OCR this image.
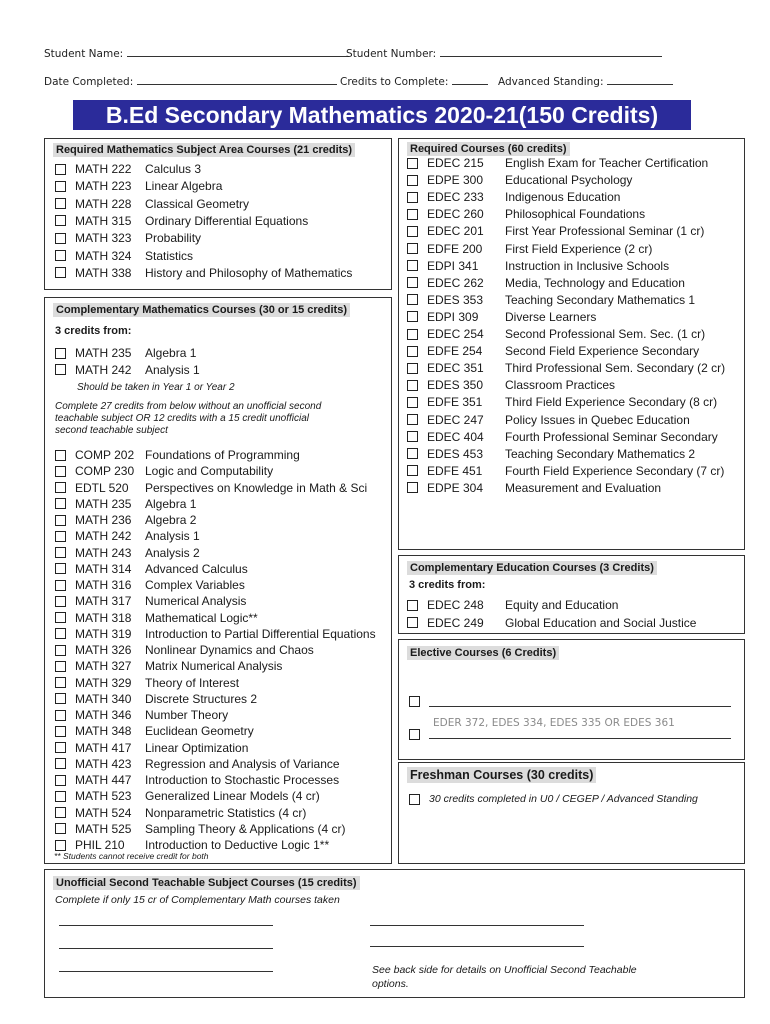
Student Name:	Student Number:
Date Completed:	Credits to Complete:	Advanced Standing:
B.Ed Secondary Mathematics 2020-21(150 Credits)
Required Mathematics Subject Area Courses (21 credits)
MATH 222 Calculus 3
MATH 223 Linear Algebra
MATH 228 Classical Geometry
MATH 315 Ordinary Differential Equations
MATH 323 Probability
MATH 324 Statistics
MATH 338 History and Philosophy of Mathematics
Complementary Mathematics Courses (30 or 15 credits)
3 credits from:
MATH 235 Algebra 1
MATH 242 Analysis 1
Should be taken in Year 1 or Year 2
Complete 27 credits from below without an unofficial second
teachable subject OR 12 credits with a 15 credit unofficial
second teachable subject
COMP 202 Foundations of Programming
COMP 230 Logic and Computability
EDTL 520 Perspectives on Knowledge in Math & Sci
MATH 235 Algebra 1
MATH 236 Algebra 2
MATH 242 Analysis 1
MATH 243 Analysis 2
MATH 314 Advanced Calculus
MATH 316 Complex Variables
MATH 317 Numerical Analysis
MATH 318 Mathematical Logic**
MATH 319 Introduction to Partial Differential Equations
MATH 326 Nonlinear Dynamics and Chaos
MATH 327 Matrix Numerical Analysis
MATH 329 Theory of Interest
MATH 340 Discrete Structures 2
MATH 346 Number Theory
MATH 348 Euclidean Geometry
MATH 417 Linear Optimization
MATH 423 Regression and Analysis of Variance
MATH 447 Introduction to Stochastic Processes
MATH 523 Generalized Linear Models (4 cr)
MATH 524 Nonparametric Statistics (4 cr)
MATH 525 Sampling Theory & Applications (4 cr)
PHIL 210 Introduction to Deductive Logic 1**
** Students cannot receive credit for both
Required Courses (60 credits)
EDEC 215 English Exam for Teacher Certification
EDPE 300 Educational Psychology
EDEC 233 Indigenous Education
EDEC 260 Philosophical Foundations
EDEC 201 First Year Professional Seminar (1 cr)
EDFE 200 First Field Experience (2 cr)
EDPI 341 Instruction in Inclusive Schools
EDEC 262 Media, Technology and Education
EDES 353 Teaching Secondary Mathematics 1
EDPI 309 Diverse Learners
EDEC 254 Second Professional Sem. Sec. (1 cr)
EDFE 254 Second Field Experience Secondary
EDEC 351 Third Professional Sem. Secondary (2 cr)
EDES 350 Classroom Practices
EDFE 351 Third Field Experience Secondary (8 cr)
EDEC 247 Policy Issues in Quebec Education
EDEC 404 Fourth Professional Seminar Secondary
EDES 453 Teaching Secondary Mathematics 2
EDFE 451 Fourth Field Experience Secondary (7 cr)
EDPE 304 Measurement and Evaluation
Complementary Education Courses (3 Credits)
3 credits from:
EDEC 248 Equity and Education
EDEC 249 Global Education and Social Justice
Elective Courses (6 Credits)
EDER 372, EDES 334, EDES 335 OR EDES 361
Freshman Courses (30 credits)
30 credits completed in U0 / CEGEP / Advanced Standing
Unofficial Second Teachable Subject Courses (15 credits)
Complete if only 15 cr of Complementary Math courses taken
See back side for details on Unofficial Second Teachable
options.
